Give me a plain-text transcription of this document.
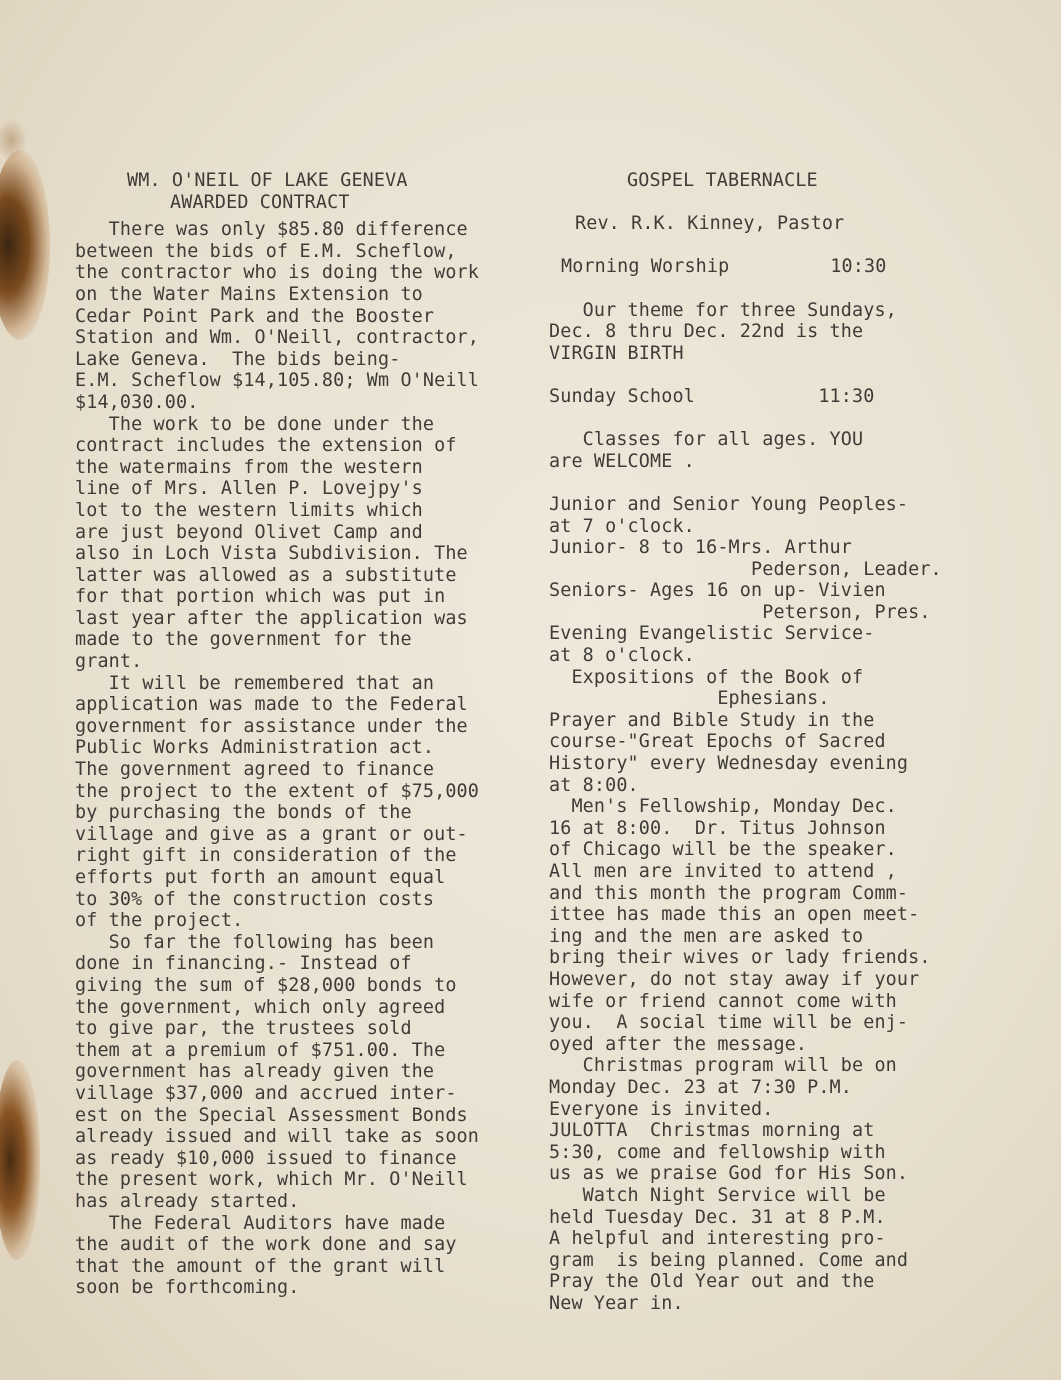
WM. O'NEIL OF LAKE GENEVA
AWARDED CONTRACT
There was only $85.80 difference
between the bids of E.M. Scheflow,
the contractor who is doing the work
on the Water Mains Extension to
Cedar Point Park and the Booster
Station and Wm. O'Neill, contractor,
Lake Geneva.  The bids being-
E.M. Scheflow $14,105.80; Wm O'Neill
$14,030.00.
The work to be done under the
contract includes the extension of
the watermains from the western
line of Mrs. Allen P. Lovejpy's
lot to the western limits which
are just beyond Olivet Camp and
also in Loch Vista Subdivision. The
latter was allowed as a substitute
for that portion which was put in
last year after the application was
made to the government for the
grant.
It will be remembered that an
application was made to the Federal
government for assistance under the
Public Works Administration act.
The government agreed to finance
the project to the extent of $75,000
by purchasing the bonds of the
village and give as a grant or out-
right gift in consideration of the
efforts put forth an amount equal
to 30% of the construction costs
of the project.
So far the following has been
done in financing.- Instead of
giving the sum of $28,000 bonds to
the government, which only agreed
to give par, the trustees sold
them at a premium of $751.00. The
government has already given the
village $37,000 and accrued inter-
est on the Special Assessment Bonds
already issued and will take as soon
as ready $10,000 issued to finance
the present work, which Mr. O'Neill
has already started.
The Federal Auditors have made
the audit of the work done and say
that the amount of the grant will
soon be forthcoming.
GOSPEL TABERNACLE
Rev. R.K. Kinney, Pastor
Morning Worship         10:30
Our theme for three Sundays,
Dec. 8 thru Dec. 22nd is the
VIRGIN BIRTH
Sunday School           11:30
Classes for all ages. YOU
are WELCOME .
Junior and Senior Young Peoples-
at 7 o'clock.
Junior- 8 to 16-Mrs. Arthur
Pederson, Leader.
Seniors- Ages 16 on up- Vivien
Peterson, Pres.
Evening Evangelistic Service-
at 8 o'clock.
Expositions of the Book of
Ephesians.
Prayer and Bible Study in the
course-"Great Epochs of Sacred
History" every Wednesday evening
at 8:00.
Men's Fellowship, Monday Dec.
16 at 8:00.  Dr. Titus Johnson
of Chicago will be the speaker.
All men are invited to attend ,
and this month the program Comm-
ittee has made this an open meet-
ing and the men are asked to
bring their wives or lady friends.
However, do not stay away if your
wife or friend cannot come with
you.  A social time will be enj-
oyed after the message.
Christmas program will be on
Monday Dec. 23 at 7:30 P.M.
Everyone is invited.
JULOTTA  Christmas morning at
5:30, come and fellowship with
us as we praise God for His Son.
Watch Night Service will be
held Tuesday Dec. 31 at 8 P.M.
A helpful and interesting pro-
gram  is being planned. Come and
Pray the Old Year out and the
New Year in.
